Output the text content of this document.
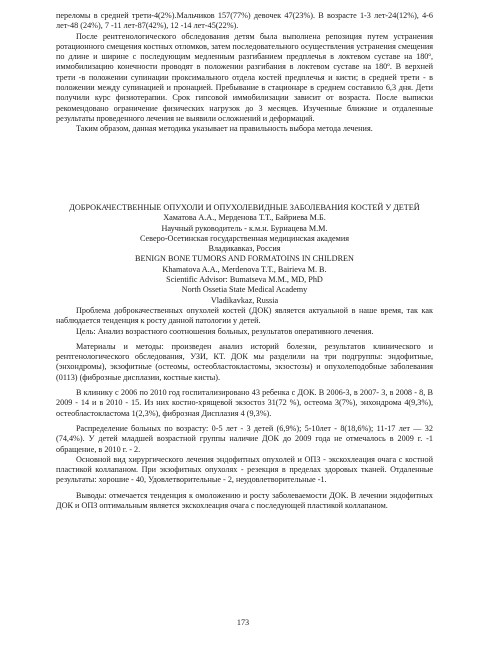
переломы в средней трети-4(2%).Мальчиков 157(77%) девочек 47(23%). В возрасте 1-3 лет-24(12%), 4-6 лет-48 (24%), 7 -11 лет-87(42%), 12 -14 лет-45(22%).

После рентгенологического обследования детям была выполнена репозиция путем устранения ротационного смещения костных отломков, затем последовательного осуществления устранения смещения по длине и ширине с последующим медленным разгибанием предплечья в локтевом суставе на 180º, иммобилизацию конечности проводят в положении разгибания в локтевом суставе на 180º. В верхней трети -в положении супинации проксимального отдела костей предплечья и кисти; в средней трети - в положении между супинацией и пронацией. Пребывание в стационаре в среднем составило 6,3 дня. Дети получили курс физиотерапии. Срок гипсовой иммобилизации зависит от возраста. После выписки рекомендовано ограничение физических нагрузок до 3 месяцев. Изученные ближние и отдаленные результаты проведенного лечения не выявили осложнений и деформаций.

Таким образом, данная методика указывает на правильность выбора метода лечения.

ДОБРОКАЧЕСТВЕННЫЕ ОПУХОЛИ И ОПУХОЛЕВИДНЫЕ ЗАБОЛЕВАНИЯ КОСТЕЙ У ДЕТЕЙ

Хаматова А.А., Мерденова Т.Т., Байриева М.Б.
Научный руководитель - к.м.н. Бурнацева М.М.
Северо-Осетинская государственная медицинская академия
Владикавказ, Россия
BENIGN BONE TUMORS AND FORMATOINS IN CHILDREN
Khamatova A.A., Merdenova T.T., Bairieva M. B.
Scientific Advisor: Bumatseva M.M., MD, PhD
North Ossetia State Medical Academy
Vladikavkaz, Russia

Проблема доброкачественных опухолей костей (ДОК) является актуальной в наше время, так как наблюдается тенденция к росту данной патологии у детей.

Цель: Анализ возрастного соотношения больных, результатов оперативного лечения.

Материалы и методы: произведен анализ историй болезни, результатов клинического и рентгенологического обследования, УЗИ, КТ. ДОК мы разделили на три подгруппы: эндофитные, (энхондромы), экзофитные (остеомы, остеобластокластомы, экзостозы) и опухолеподобные заболевания (0113) (фиброзные дисплазии, костные кисты).

В клинику с 2006 по 2010 год госпитализировано 43 ребенка с ДОК. В 2006-3, в 2007- 3, в 2008 - 8, В 2009 - 14 и в 2010 - 15. Из них костно-хрящевой экзостоз 31(72 %), остеома 3(7%), энхондрома 4(9,3%), остеобластокластома 1(2,3%), фиброзная Дисплазия 4 (9,3%).

Распределение больных по возрасту: 0-5 лет - 3 детей (6,9%); 5-10лет - 8(18,6%); 11-17 лет — 32 (74,4%). У детей младшей возрастной группы наличие ДОК до 2009 года не отмечалось в 2009 г. -1 обращение, в 2010 г. - 2.

Основной вид хирургического лечения эндофитных опухолей и ОПЗ - экскохлеация очага с костной пластикой коллапаном. При экзофитных опухолях - резекция в пределах здоровых тканей. Отдаленные результаты: хорошие - 40, Удовлетворительные - 2, неудовлетворительные -1.

Выводы: отмечается тенденция к омоложению и росту заболеваемости ДОК. В лечении эндофитных ДОК и ОПЗ оптимальным является экскохлеация очага с последующей пластикой коллапаном.

173
